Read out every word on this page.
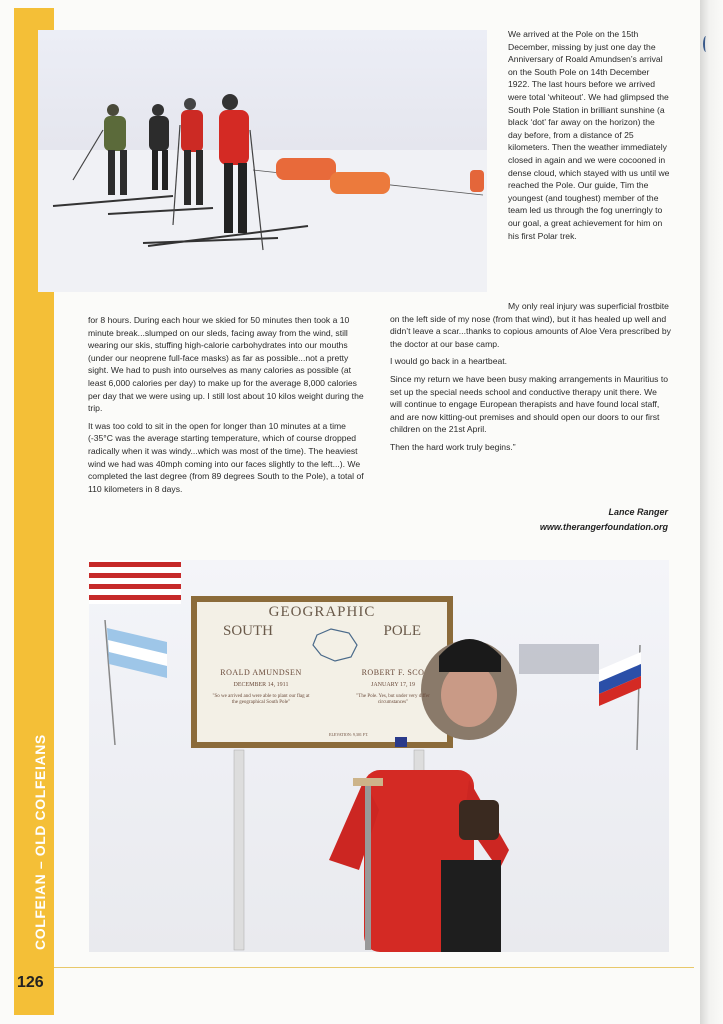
COLFEIAN – OLD COLFEIANS
126

We arrived at the Pole on the 15th December, missing by just one day the Anniversary of Roald Amundsen’s arrival on the South Pole on 14th December 1922. The last hours before we arrived were total ‘whiteout’. We had glimpsed the South Pole Station in brilliant sunshine (a black ‘dot’ far away on the horizon) the day before, from a distance of 25 kilometers. Then the weather immediately closed in again and we were cocooned in dense cloud, which stayed with us until we reached the Pole. Our guide, Tim the youngest (and toughest) member of the team led us through the fog unerringly to our goal, a great achievement for him on his first Polar trek.

for 8 hours. During each hour we skied for 50 minutes then took a 10 minute break...slumped on our sleds, facing away from the wind, still wearing our skis, stuffing high-calorie carbohydrates into our mouths (under our neoprene full-face masks) as far as possible...not a pretty sight. We had to push into ourselves as many calories as possible (at least 6,000 calories per day) to make up for the average 8,000 calories per day that we were using up. I still lost about 10 kilos weight during the trip.

It was too cold to sit in the open for longer than 10 minutes at a time (-35°C was the average starting temperature, which of course dropped radically when it was windy...which was most of the time). The heaviest wind we had was 40mph coming into our faces slightly to the left...). We completed the last degree (from 89 degrees South to the Pole), a total of 110 kilometers in 8 days.

My only real injury was superficial frostbite on the left side of my nose (from that wind), but it has healed up well and didn’t leave a scar...thanks to copious amounts of Aloe Vera prescribed by the doctor at our base camp.

I would go back in a heartbeat.

Since my return we have been busy making arrangements in Mauritius to set up the special needs school and conductive therapy unit there. We will continue to engage European therapists and have found local staff, and are now kitting-out premises and should open our doors to our first children on the 21st April.

Then the hard work truly begins.”

Lance Ranger
www.therangerfoundation.org
GEOGRAPHIC
SOUTH	POLE
ROALD AMUNDSEN
DECEMBER 14, 1911
"So we arrived and were able to plant our flag at the geographical South Pole"
ROBERT F. SCO
JANUARY 17, 19
"The Pole. Yes, but under very differ circumstances"
ELEVATION: 9,301 FT.
